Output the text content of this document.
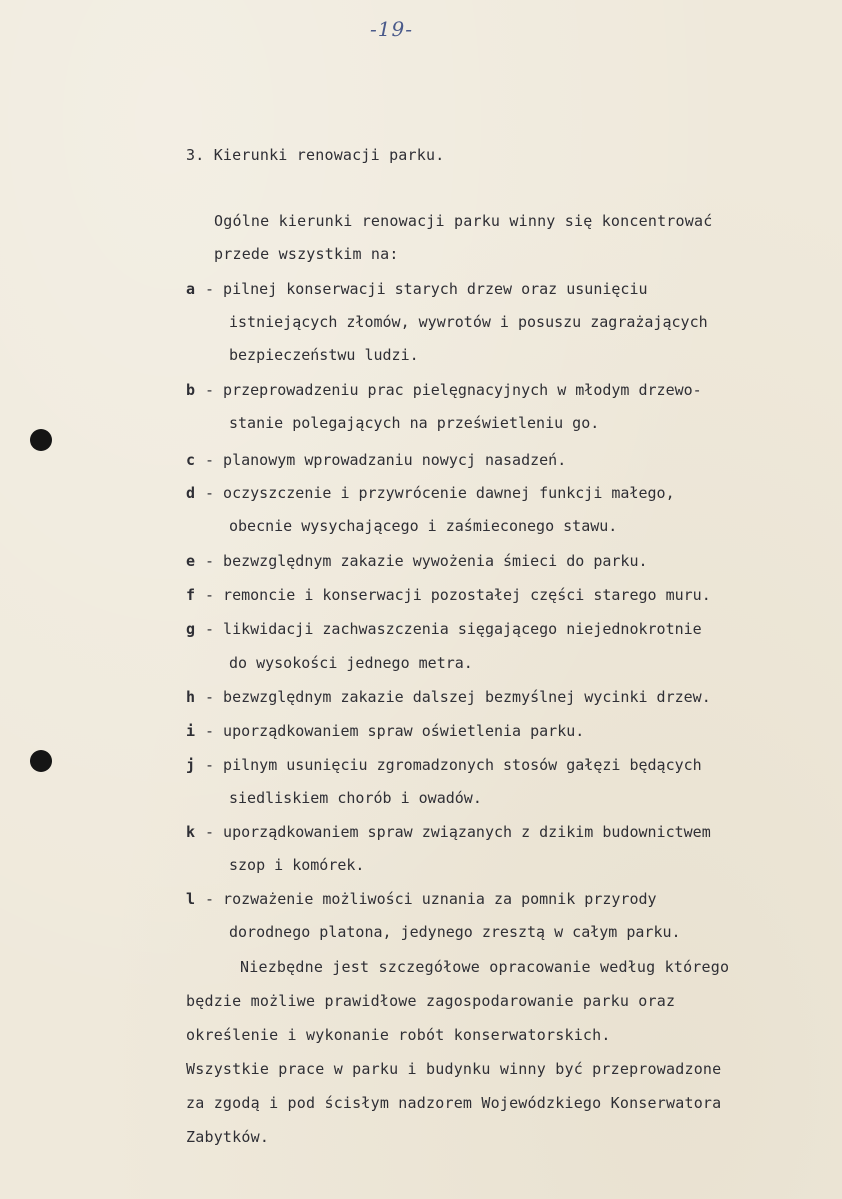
-19-
3. Kierunki renowacji parku.
Ogólne kierunki renowacji parku winny się koncentrować
przede wszystkim na:
a - pilnej konserwacji starych drzew oraz usunięciu
istniejących złomów, wywrotów i posuszu zagrażających
bezpieczeństwu ludzi.
b - przeprowadzeniu prac pielęgnacyjnych w młodym drzewo-
stanie polegających na prześwietleniu go.
c - planowym wprowadzaniu nowycj nasadzeń.
d - oczyszczenie i przywrócenie dawnej funkcji małego,
obecnie wysychającego i zaśmieconego stawu.
e - bezwzględnym zakazie wywożenia śmieci do parku.
f - remoncie i konserwacji pozostałej części starego muru.
g - likwidacji zachwaszczenia sięgającego niejednokrotnie
do wysokości jednego metra.
h - bezwzględnym zakazie dalszej bezmyślnej wycinki drzew.
i - uporządkowaniem spraw oświetlenia parku.
j - pilnym usunięciu zgromadzonych stosów gałęzi będących
siedliskiem chorób i owadów.
k - uporządkowaniem spraw związanych z dzikim budownictwem
szop i komórek.
l - rozważenie możliwości uznania za pomnik przyrody
dorodnego platona, jedynego zresztą w całym parku.
Niezbędne jest szczegółowe opracowanie według którego
będzie możliwe prawidłowe zagospodarowanie parku oraz
określenie i wykonanie robót konserwatorskich.
Wszystkie prace w parku i budynku winny być przeprowadzone
za zgodą i pod ścisłym nadzorem Wojewódzkiego Konserwatora
Zabytków.
